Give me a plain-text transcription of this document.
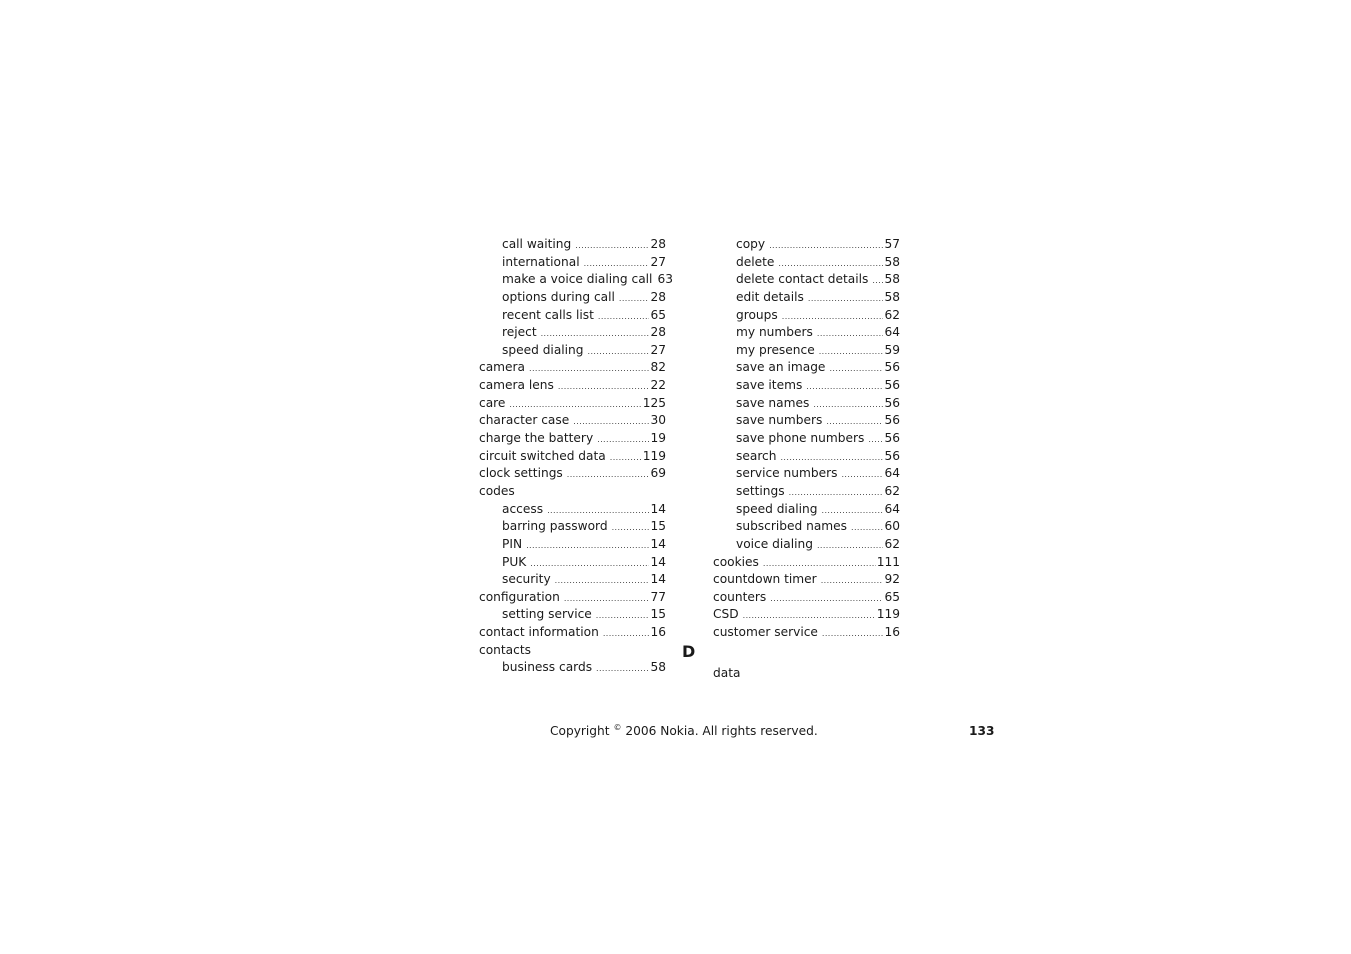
call waiting .....	28
international .....	27
make a voice dialing call 63
options during call .....	28
recent calls list .....	65
reject .....	28
speed dialing .....	27
camera .....	82
camera lens .....	22
care .....	125
character case .....	30
charge the battery .....	19
circuit switched data .....	119
clock settings .....	69
codes
access .....	14
barring password .....	15
PIN .....	14
PUK .....	14
security .....	14
configuration .....	77
setting service .....	15
contact information .....	16
contacts
business cards .....	58
copy .....	57
delete .....	58
delete contact details ..... 58
edit details .....	58
groups .....	62
my numbers .....	64
my presence .....	59
save an image .....	56
save items .....	56
save names .....	56
save numbers .....	56
save phone numbers ..... 56
search .....	56
service numbers .....	64
settings .....	62
speed dialing .....	64
subscribed names .....	60
voice dialing .....	62
cookies .....	111
countdown timer .....	92
counters .....	65
CSD .....	119
customer service .....	16
D
data
Copyright © 2006 Nokia. All rights reserved.	133
